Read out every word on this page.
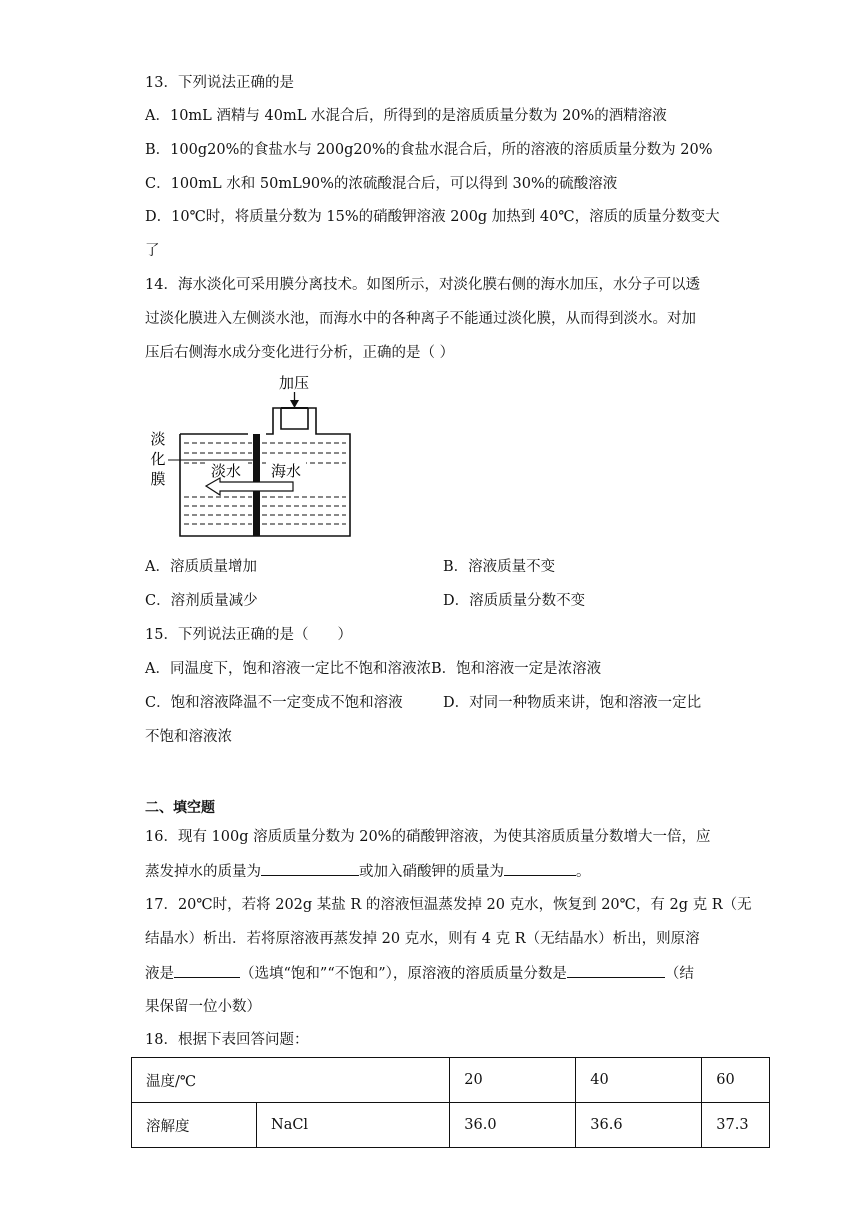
13．下列说法正确的是
A．10mL 酒精与 40mL 水混合后，所得到的是溶质质量分数为 20%的酒精溶液
B．100g20%的食盐水与 200g20%的食盐水混合后，所的溶液的溶质质量分数为 20%
C．100mL 水和 50mL90%的浓硫酸混合后，可以得到 30%的硫酸溶液
D．10℃时，将质量分数为 15%的硝酸钾溶液 200g 加热到 40℃，溶质的质量分数变大
了
14．海水淡化可采用膜分离技术。如图所示，对淡化膜右侧的海水加压，水分子可以透
过淡化膜进入左侧淡水池，而海水中的各种离子不能通过淡化膜，从而得到淡水。对加
压后右侧海水成分变化进行分析，正确的是（ ）
加压
淡
化
膜	淡水 海水
A．溶质质量增加	B．溶液质量不变
C．溶剂质量减少	D．溶质质量分数不变
15．下列说法正确的是（　　）
A．同温度下，饱和溶液一定比不饱和溶液浓B．饱和溶液一定是浓溶液
C．饱和溶液降温不一定变成不饱和溶液	D．对同一种物质来讲，饱和溶液一定比
不饱和溶液浓
二、填空题
16．现有 100g 溶质质量分数为 20%的硝酸钾溶液，为使其溶质质量分数增大一倍，应
蒸发掉水的质量为	或加入硝酸钾的质量为	。
17．20℃时，若将 202g 某盐 R 的溶液恒温蒸发掉 20 克水，恢复到 20℃，有 2g 克 R（无
结晶水）析出．若将原溶液再蒸发掉 20 克水，则有 4 克 R（无结晶水）析出，则原溶
液是	（选填“饱和”“不饱和”），原溶液的溶质质量分数是	（结
果保留一位小数）
18．根据下表回答问题：
温度/℃		20	40	60
溶解度	NaCl	36.0	36.6	37.3
